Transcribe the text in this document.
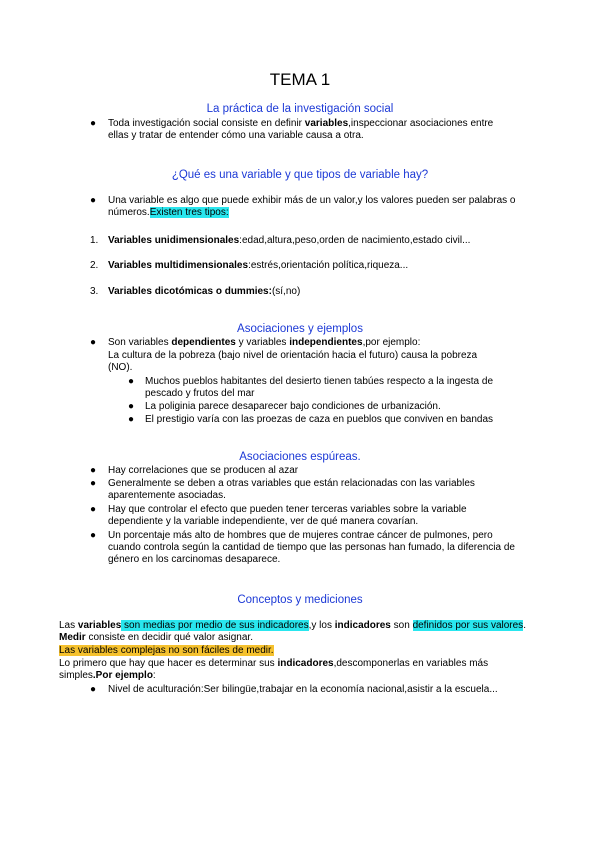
TEMA 1
La práctica de la investigación social
● Toda investigación social consiste en definir variables,inspeccionar asociaciones entre ellas y tratar de entender cómo una variable causa a otra.
¿Qué es una variable y que tipos de variable hay?
● Una variable es algo que puede exhibir más de un valor,y los valores pueden ser palabras o números.Existen tres tipos:
1. Variables unidimensionales:edad,altura,peso,orden de nacimiento,estado civil...
2. Variables multidimensionales:estrés,orientación política,riqueza...
3. Variables dicotómicas o dummies:(sí,no)
Asociaciones y ejemplos
● Son variables dependientes y variables independientes,por ejemplo:
La cultura de la pobreza (bajo nivel de orientación hacia el futuro) causa la pobreza (NO).
● Muchos pueblos habitantes del desierto tienen tabúes respecto a la ingesta de pescado y frutos del mar
● La poliginia parece desaparecer bajo condiciones de urbanización.
● El prestigio varía con las proezas de caza en pueblos que conviven en bandas
Asociaciones espúreas.
● Hay correlaciones que se producen al azar
● Generalmente se deben a otras variables que están relacionadas con las variables aparentemente asociadas.
● Hay que controlar el efecto que pueden tener terceras variables sobre la variable dependiente y la variable independiente, ver de qué manera covarían.
● Un porcentaje más alto de hombres que de mujeres contrae cáncer de pulmones, pero cuando controla según la cantidad de tiempo que las personas han fumado, la diferencia de género en los carcinomas desaparece.
Conceptos y mediciones
Las variables son medias por medio de sus indicadores,y los indicadores son definidos por sus valores. Medir consiste en decidir qué valor asignar.
Las variables complejas no son fáciles de medir.
Lo primero que hay que hacer es determinar sus indicadores,descomponerlas en variables más simples.Por ejemplo:
● Nivel de aculturación:Ser bilingüe,trabajar en la economía nacional,asistir a la escuela...
